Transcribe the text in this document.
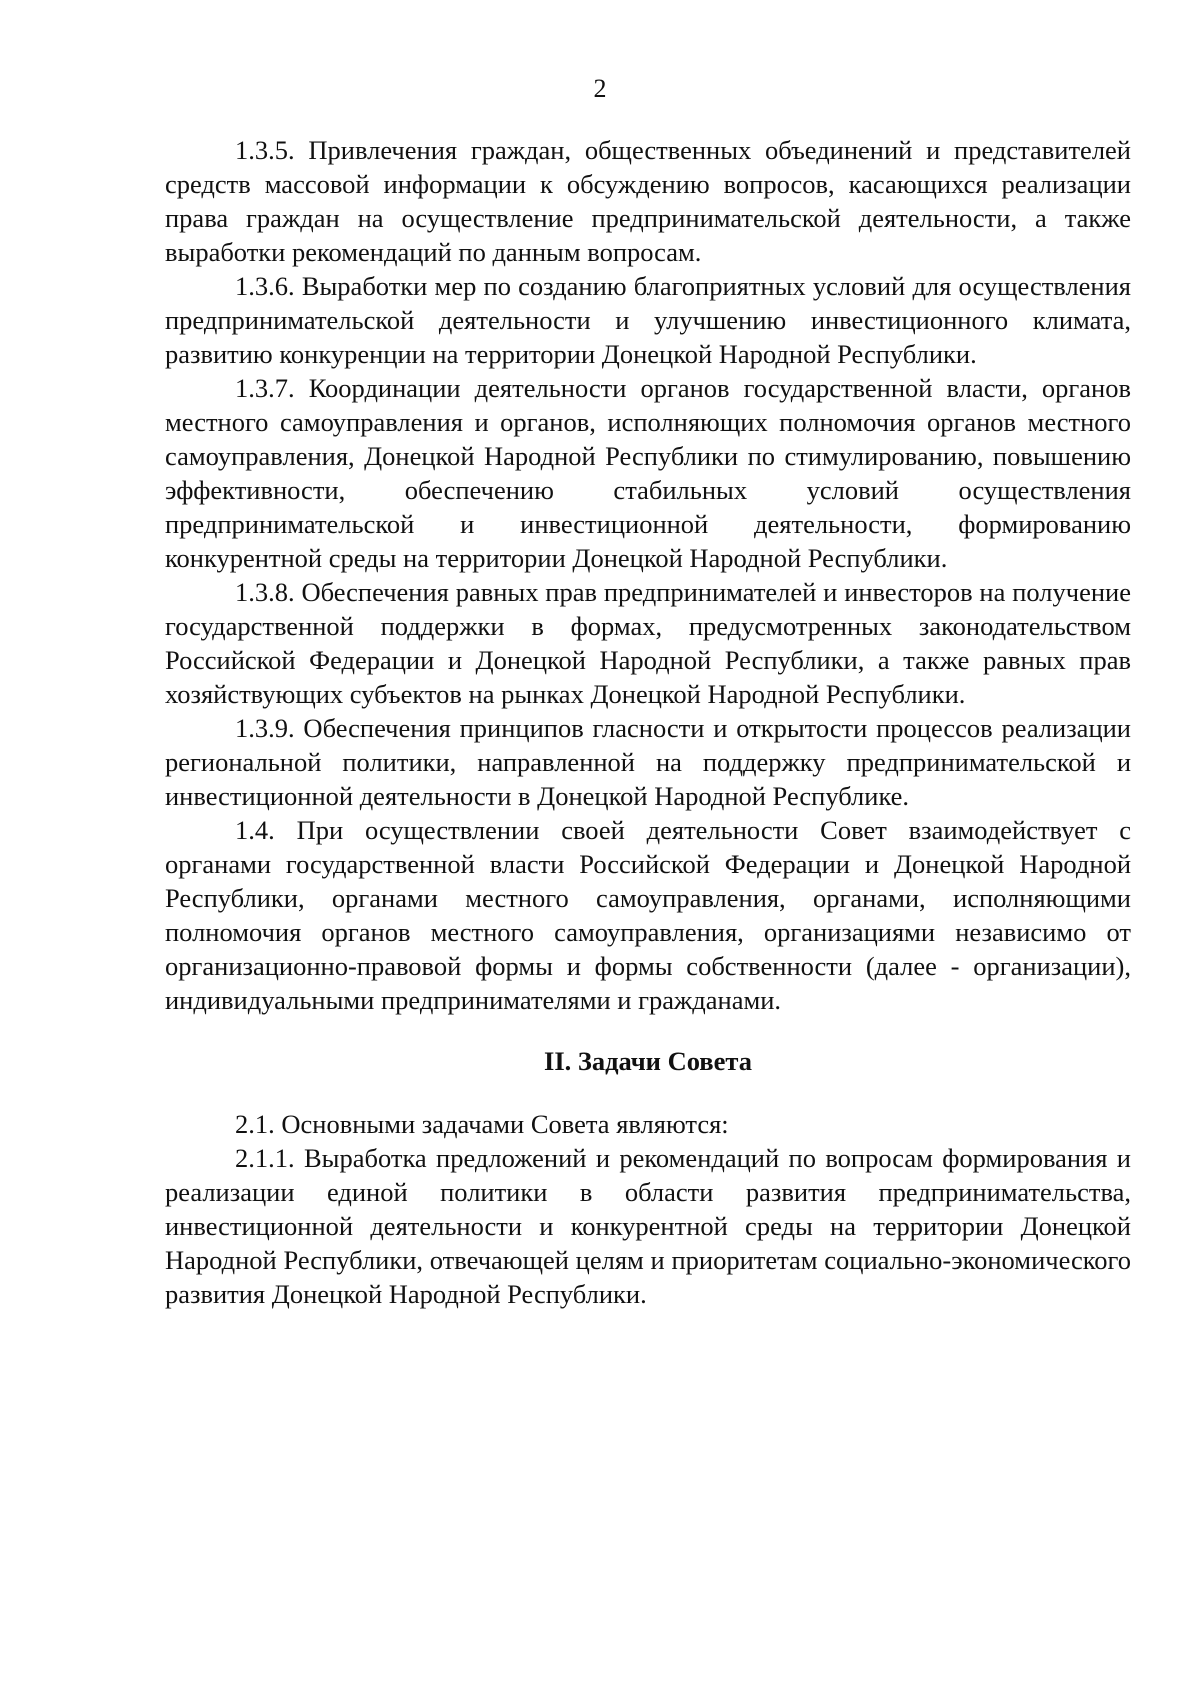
2

1.3.5. Привлечения граждан, общественных объединений и представителей средств массовой информации к обсуждению вопросов, касающихся реализации права граждан на осуществление предпринимательской деятельности, а также выработки рекомендаций по данным вопросам.

1.3.6. Выработки мер по созданию благоприятных условий для осуществления предпринимательской деятельности и улучшению инвестиционного климата, развитию конкуренции на территории Донецкой Народной Республики.

1.3.7. Координации деятельности органов государственной власти, органов местного самоуправления и органов, исполняющих полномочия органов местного самоуправления, Донецкой Народной Республики по стимулированию, повышению эффективности, обеспечению стабильных условий осуществления предпринимательской и инвестиционной деятельности, формированию конкурентной среды на территории Донецкой Народной Республики.

1.3.8. Обеспечения равных прав предпринимателей и инвесторов на получение государственной поддержки в формах, предусмотренных законодательством Российской Федерации и Донецкой Народной Республики, а также равных прав хозяйствующих субъектов на рынках Донецкой Народной Республики.

1.3.9. Обеспечения принципов гласности и открытости процессов реализации региональной политики, направленной на поддержку предпринимательской и инвестиционной деятельности в Донецкой Народной Республике.

1.4. При осуществлении своей деятельности Совет взаимодействует с органами государственной власти Российской Федерации и Донецкой Народной Республики, органами местного самоуправления, органами, исполняющими полномочия органов местного самоуправления, организациями независимо от организационно-правовой формы и формы собственности (далее - организации), индивидуальными предпринимателями и гражданами.

II. Задачи Совета

2.1. Основными задачами Совета являются:

2.1.1. Выработка предложений и рекомендаций по вопросам формирования и реализации единой политики в области развития предпринимательства, инвестиционной деятельности и конкурентной среды на территории Донецкой Народной Республики, отвечающей целям и приоритетам социально-экономического развития Донецкой Народной Республики.
